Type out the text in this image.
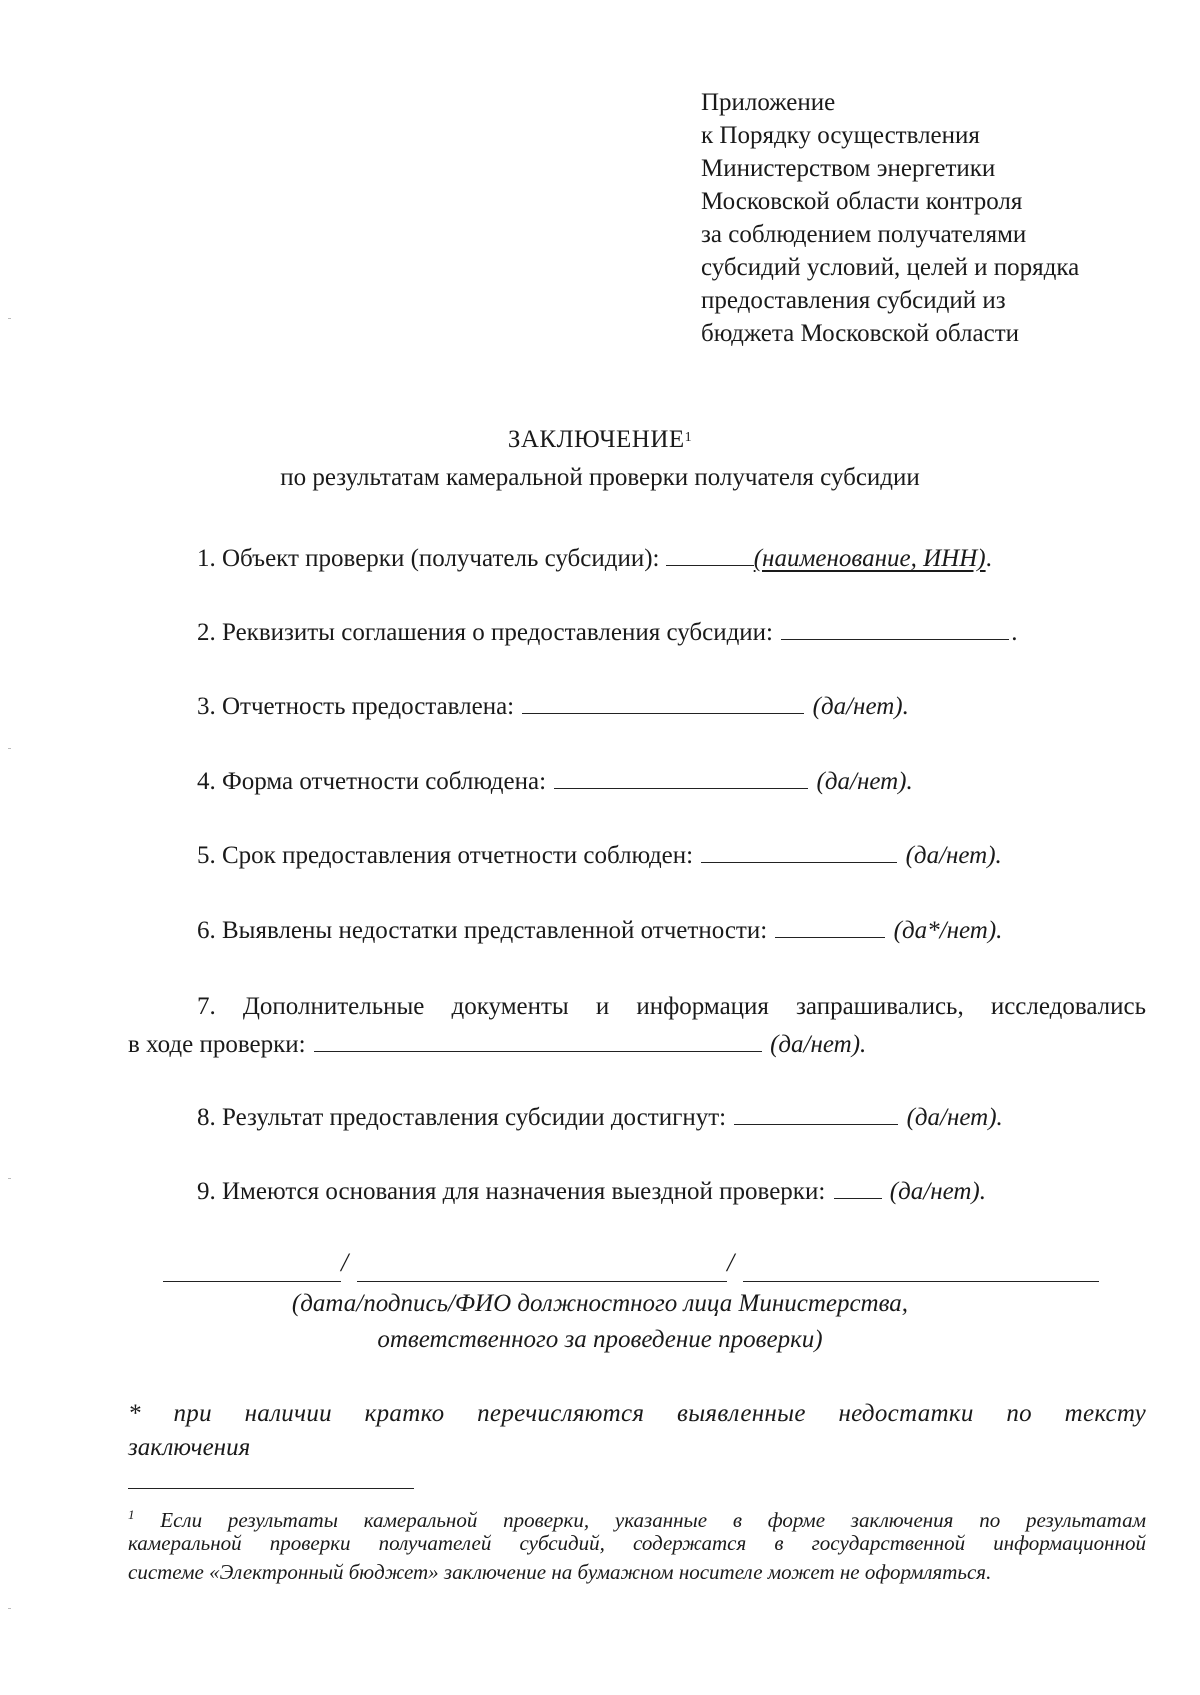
Приложение
к Порядку осуществления
Министерством энергетики
Московской области контроля
за соблюдением получателями
субсидий условий, целей и порядка
предоставления субсидий из
бюджета Московской области
ЗАКЛЮЧЕНИЕ$^1$
по результатам камеральной проверки получателя субсидии
1. Объект проверки (получатель субсидии):	(наименование, ИНН).
2. Реквизиты соглашения о предоставления субсидии:	.
3. Отчетность предоставлена:	(да/нет).
4. Форма отчетности соблюдена:	(да/нет).
5. Срок предоставления отчетности соблюден:	(да/нет).
6. Выявлены недостатки представленной отчетности:	(да*/нет).
7. Дополнительные документы и информация запрашивались, исследовались
в ходе проверки:	(да/нет).
8. Результат предоставления субсидии достигнут:	(да/нет).
9. Имеются основания для назначения выездной проверки:  (да/нет).
/	/
(дата/подпись/ФИО должностного лица Министерства,
ответственного за проведение проверки)
* при наличии кратко перечисляются выявленные недостатки по тексту
заключения
$^1$ Если результаты камеральной проверки, указанные в форме заключения по результатам
камеральной проверки получателей субсидий, содержатся в государственной информационной
системе «Электронный бюджет» заключение на бумажном носителе может не оформляться.
